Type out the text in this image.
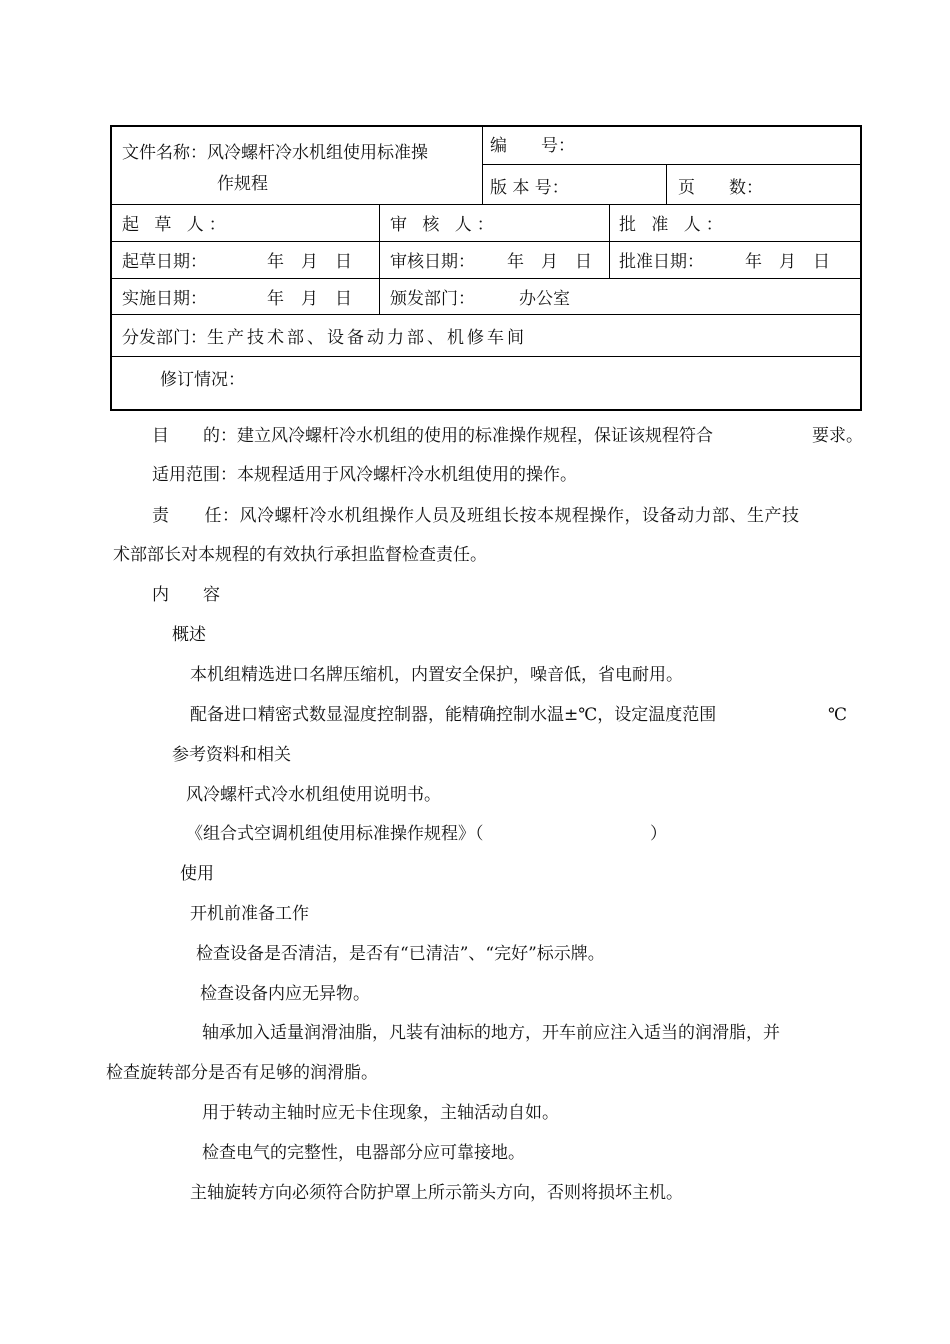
文件名称：风冷螺杆冷水机组使用标准操
作规程
编　　号：
版 本 号：	页　　数：
起 草 人：	审 核 人：	批 准 人：
起草日期：	年　月　日 审核日期： 年　月　日 批准日期： 年　月　日
实施日期：	年　月　日 颁发部门：	办公室
分发部门：生产技术部、设备动力部、机修车间
修订情况：
目　　的：建立风冷螺杆冷水机组的使用的标准操作规程，保证该规程符合	要求。
适用范围：本规程适用于风冷螺杆冷水机组使用的操作。
责　　任：风冷螺杆冷水机组操作人员及班组长按本规程操作，设备动力部、生产技
术部部长对本规程的有效执行承担监督检查责任。
内　　容
概述
本机组精选进口名牌压缩机，内置安全保护，噪音低，省电耐用。
配备进口精密式数显湿度控制器，能精确控制水温±℃，设定温度范围	℃
参考资料和相关
风冷螺杆式冷水机组使用说明书。
《组合式空调机组使用标准操作规程》（	）
使用
开机前准备工作
检查设备是否清洁，是否有“已清洁”、“完好”标示牌。
检查设备内应无异物。
轴承加入适量润滑油脂，凡装有油标的地方，开车前应注入适当的润滑脂，并
检查旋转部分是否有足够的润滑脂。
用于转动主轴时应无卡住现象，主轴活动自如。
检查电气的完整性，电器部分应可靠接地。
主轴旋转方向必须符合防护罩上所示箭头方向，否则将损坏主机。
